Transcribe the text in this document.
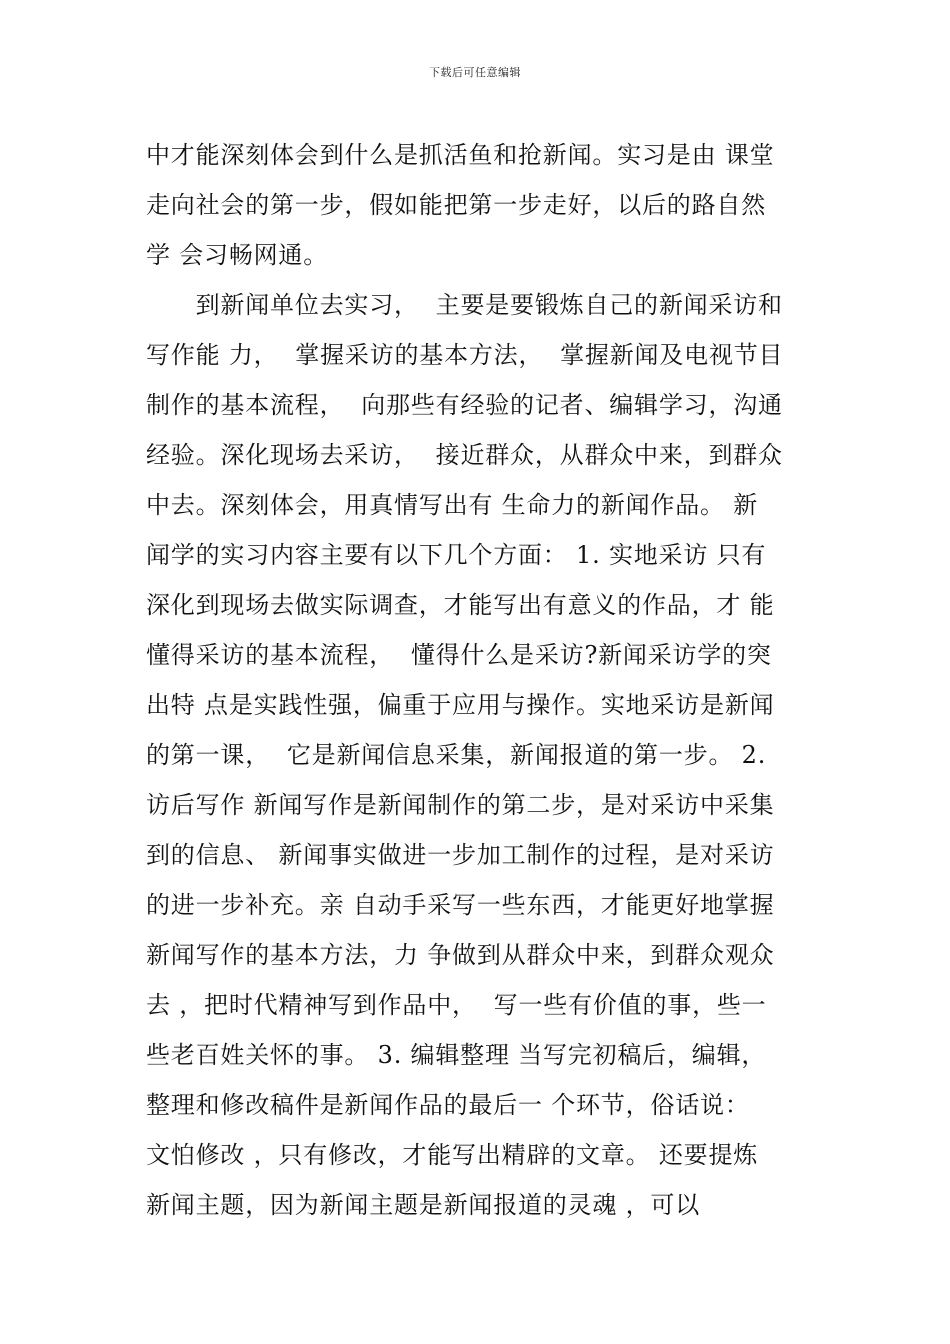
下载后可任意编辑
中才能深刻体会到什么是抓活鱼和抢新闻。实习是由 课堂
走向社会的第一步，假如能把第一步走好，以后的路自然
学 会习畅网通。
　　到新闻单位去实习，  主要是要锻炼自己的新闻采访和
写作能 力，  掌握采访的基本方法，  掌握新闻及电视节目
制作的基本流程，  向那些有经验的记者、编辑学习，沟通
经验。深化现场去采访，  接近群众，从群众中来，到群众
中去。深刻体会，用真情写出有 生命力的新闻作品。 新
闻学的实习内容主要有以下几个方面： 1. 实地采访 只有
深化到现场去做实际调查，才能写出有意义的作品，才 能
懂得采访的基本流程，  懂得什么是采访?新闻采访学的突
出特 点是实践性强，偏重于应用与操作。实地采访是新闻
的第一课，  它是新闻信息采集，新闻报道的第一步。 2.
访后写作 新闻写作是新闻制作的第二步，是对采访中采集
到的信息、 新闻事实做进一步加工制作的过程，是对采访
的进一步补充。亲 自动手采写一些东西，才能更好地掌握
新闻写作的基本方法，力 争做到从群众中来，到群众观众
去 ，把时代精神写到作品中，  写一些有价值的事，些一
些老百姓关怀的事。 3. 编辑整理 当写完初稿后，编辑，
整理和修改稿件是新闻作品的最后一 个环节，俗话说：
文怕修改 ，只有修改，才能写出精辟的文章。 还要提炼
新闻主题，因为新闻主题是新闻报道的灵魂 ，可以
